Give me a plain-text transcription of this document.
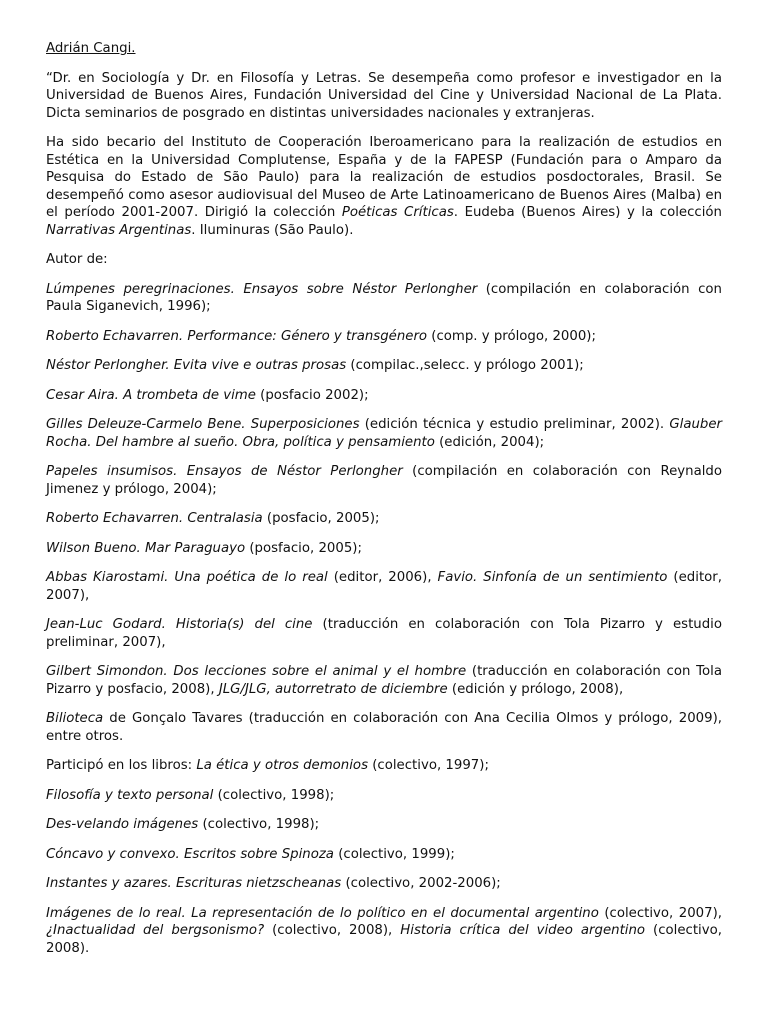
Adrián Cangi.

“Dr. en Sociología y Dr. en Filosofía y Letras. Se desempeña como profesor e investigador en la Universidad de Buenos Aires, Fundación Universidad del Cine y Universidad Nacional de La Plata. Dicta seminarios de posgrado en distintas universidades nacionales y extranjeras.

Ha sido becario del Instituto de Cooperación Iberoamericano para la realización de estudios en Estética en la Universidad Complutense, España y de la FAPESP (Fundación para o Amparo da Pesquisa do Estado de São Paulo) para la realización de estudios posdoctorales, Brasil. Se desempeñó como asesor audiovisual del Museo de Arte Latinoamericano de Buenos Aires (Malba) en el período 2001-2007. Dirigió la colección Poéticas Críticas. Eudeba (Buenos Aires) y la colección Narrativas Argentinas. Iluminuras (São Paulo).

Autor de:

Lúmpenes peregrinaciones. Ensayos sobre Néstor Perlongher (compilación en colaboración con Paula Siganevich, 1996);

Roberto Echavarren. Performance: Género y transgénero (comp. y prólogo, 2000);

Néstor Perlongher. Evita vive e outras prosas (compilac.,selecc. y prólogo 2001);

Cesar Aira. A trombeta de vime (posfacio 2002);

Gilles Deleuze-Carmelo Bene. Superposiciones (edición técnica y estudio preliminar, 2002). Glauber Rocha. Del hambre al sueño. Obra, política y pensamiento (edición, 2004);

Papeles insumisos. Ensayos de Néstor Perlongher (compilación en colaboración con Reynaldo Jimenez y prólogo, 2004);

Roberto Echavarren. Centralasia (posfacio, 2005);

Wilson Bueno. Mar Paraguayo (posfacio, 2005);

Abbas Kiarostami. Una poética de lo real (editor, 2006), Favio. Sinfonía de un sentimiento (editor, 2007),

Jean-Luc Godard. Historia(s) del cine (traducción en colaboración con Tola Pizarro y estudio preliminar, 2007),

Gilbert Simondon. Dos lecciones sobre el animal y el hombre (traducción en colaboración con Tola Pizarro y posfacio, 2008), JLG/JLG, autorretrato de diciembre (edición y prólogo, 2008),

Bilioteca de Gonçalo Tavares (traducción en colaboración con Ana Cecilia Olmos y prólogo, 2009), entre otros.

Participó en los libros: La ética y otros demonios (colectivo, 1997);

Filosofía y texto personal (colectivo, 1998);

Des-velando imágenes (colectivo, 1998);

Cóncavo y convexo. Escritos sobre Spinoza (colectivo, 1999);

Instantes y azares. Escrituras nietzscheanas (colectivo, 2002-2006);

Imágenes de lo real. La representación de lo político en el documental argentino (colectivo, 2007), ¿Inactualidad del bergsonismo? (colectivo, 2008), Historia crítica del video argentino (colectivo, 2008).
